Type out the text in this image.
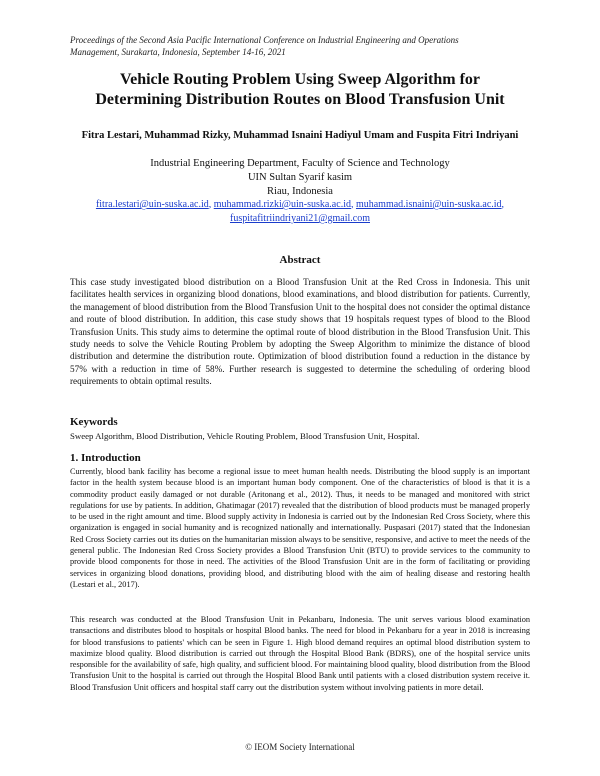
Proceedings of the Second Asia Pacific International Conference on Industrial Engineering and Operations
Management, Surakarta, Indonesia, September 14-16, 2021
Vehicle Routing Problem Using Sweep Algorithm for
Determining Distribution Routes on Blood Transfusion Unit
Fitra Lestari, Muhammad Rizky, Muhammad Isnaini Hadiyul Umam and Fuspita Fitri Indriyani
Industrial Engineering Department, Faculty of Science and Technology
UIN Sultan Syarif kasim
Riau, Indonesia
fitra.lestari@uin-suska.ac.id, muhammad.rizki@uin-suska.ac.id, muhammad.isnaini@uin-suska.ac.id, fuspitafitriindriyani21@gmail.com
Abstract
This case study investigated blood distribution on a Blood Transfusion Unit at the Red Cross in Indonesia. This unit facilitates health services in organizing blood donations, blood examinations, and blood distribution for patients. Currently, the management of blood distribution from the Blood Transfusion Unit to the hospital does not consider the optimal distance and route of blood distribution. In addition, this case study shows that 19 hospitals request types of blood to the Blood Transfusion Units. This study aims to determine the optimal route of blood distribution in the Blood Transfusion Unit. This study needs to solve the Vehicle Routing Problem by adopting the Sweep Algorithm to minimize the distance of blood distribution and determine the distribution route. Optimization of blood distribution found a reduction in the distance by 57% with a reduction in time of 58%. Further research is suggested to determine the scheduling of ordering blood requirements to obtain optimal results.
Keywords
Sweep Algorithm, Blood Distribution, Vehicle Routing Problem, Blood Transfusion Unit, Hospital.
1. Introduction
Currently, blood bank facility has become a regional issue to meet human health needs. Distributing the blood supply is an important factor in the health system because blood is an important human body component. One of the characteristics of blood is that it is a commodity product easily damaged or not durable (Aritonang et al., 2012). Thus, it needs to be managed and monitored with strict regulations for use by patients. In addition, Ghatimagar (2017) revealed that the distribution of blood products must be managed properly to be used in the right amount and time. Blood supply activity in Indonesia is carried out by the Indonesian Red Cross Society, where this organization is engaged in social humanity and is recognized nationally and internationally. Puspasari (2017) stated that the Indonesian Red Cross Society carries out its duties on the humanitarian mission always to be sensitive, responsive, and active to meet the needs of the general public. The Indonesian Red Cross Society provides a Blood Transfusion Unit (BTU) to provide services to the community to provide blood components for those in need. The activities of the Blood Transfusion Unit are in the form of facilitating or providing services in organizing blood donations, providing blood, and distributing blood with the aim of healing disease and restoring health (Lestari et al., 2017).
This research was conducted at the Blood Transfusion Unit in Pekanbaru, Indonesia. The unit serves various blood examination transactions and distributes blood to hospitals or hospital Blood banks. The need for blood in Pekanbaru for a year in 2018 is increasing for blood transfusions to patients' which can be seen in Figure 1. High blood demand requires an optimal blood distribution system to maximize blood quality. Blood distribution is carried out through the Hospital Blood Bank (BDRS), one of the hospital service units responsible for the availability of safe, high quality, and sufficient blood. For maintaining blood quality, blood distribution from the Blood Transfusion Unit to the hospital is carried out through the Hospital Blood Bank until patients with a closed distribution system receive it. Blood Transfusion Unit officers and hospital staff carry out the distribution system without involving patients in more detail.
© IEOM Society International
